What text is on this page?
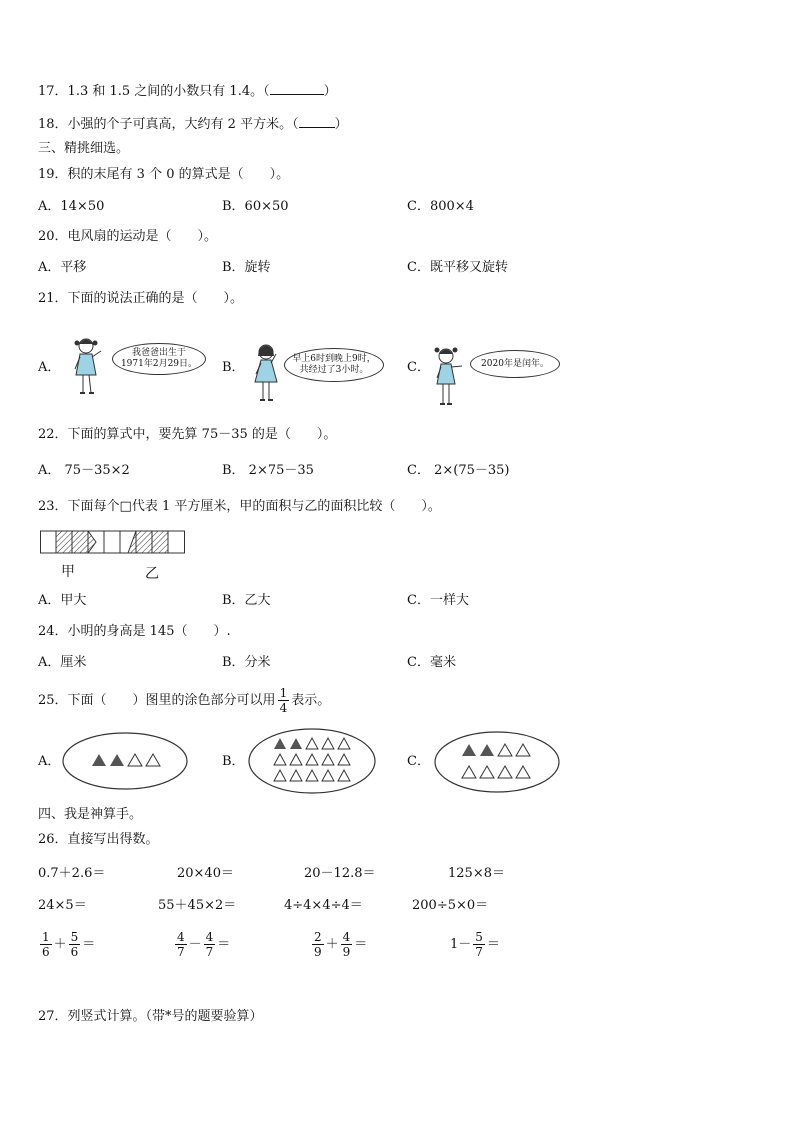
17．1.3 和 1.5 之间的小数只有 1.4。（	）
18．小强的个子可真高，大约有 2 平方米。（	）
三、精挑细选。
19．积的末尾有 3 个 0 的算式是（　　）。
A．14×50	B．60×50	C．800×4
20．电风扇的运动是（　　）。
A．平移	B．旋转	C．既平移又旋转
21．下面的说法正确的是（　　）。
A．	B．	C．
我爸爸出生于
1971年2月29日。	早上6时到晚上9时，
共经过了3小时。
2020年是闰年。
22．下面的算式中，要先算 75－35 的是（　　）。
A． 75－35×2	B． 2×75－35	C． 2×(75－35)
23．下面每个□代表 1 平方厘米，甲的面积与乙的面积比较（　　）。
甲	乙
A．甲大	B．乙大	C．一样大
24．小明的身高是 145（　　）.
A．厘米	B．分米	C．毫米
25．下面（　　）图里的涂色部分可以用 $\frac{1}{4}$ 表示。
A．	B．	C．
四、我是神算手。
26．直接写出得数。
0.7＋2.6＝	20×40＝	20－12.8＝	125×8＝
24×5＝	55＋45×2＝	4÷4×4÷4＝	200÷5×0＝
$\frac{1}{6} + \frac{5}{6}$ ＝	$\frac{4}{7} - \frac{4}{7}$ ＝	$\frac{2}{9} + \frac{4}{9}$ ＝	$1- \frac{5}{7}$ ＝
27．列竖式计算。（带*号的题要验算）
